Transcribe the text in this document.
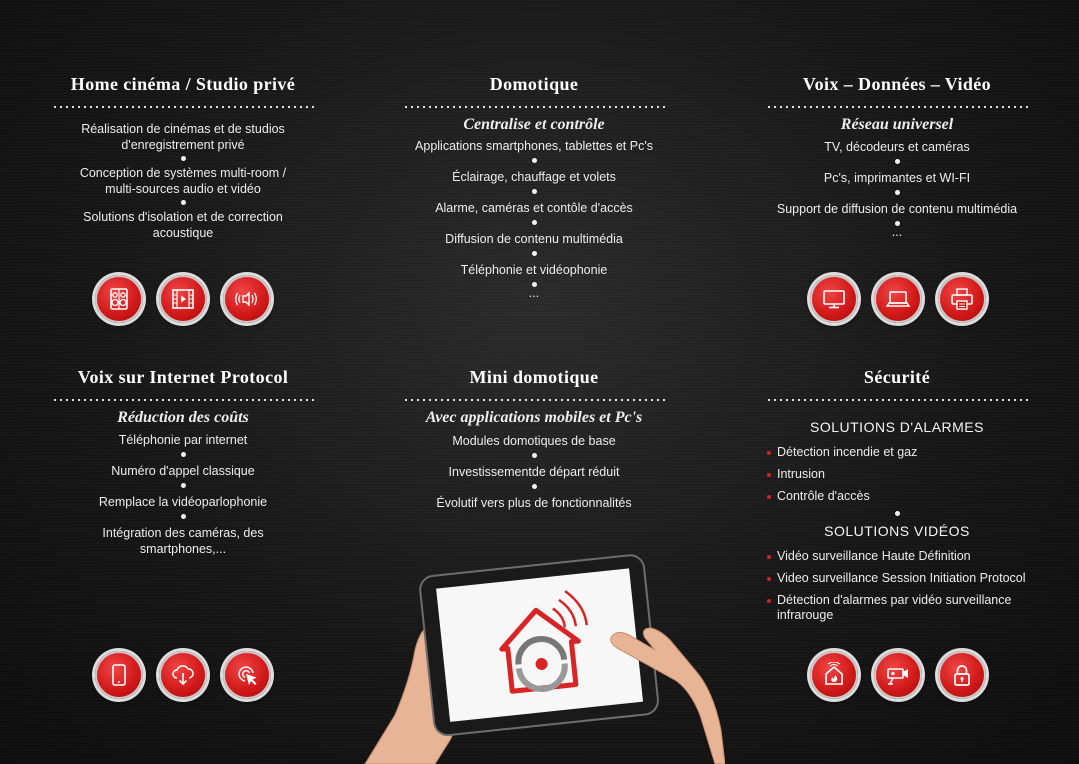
Home cinéma / Studio privé
Réalisation de cinémas et de studios d'enregistrement privé
Conception de systèmes multi-room / multi-sources audio et vidéo
Solutions d'isolation et de correction acoustique
Domotique
Centralise et contrôle
Applications smartphones, tablettes et Pc's
Éclairage, chauffage et volets
Alarme, caméras et contôle d'accès
Diffusion de contenu multimédia
Téléphonie et vidéophonie
...
Voix – Données – Vidéo
Réseau universel
TV, décodeurs et caméras
Pc's, imprimantes et WI-FI
Support de diffusion de contenu multimédia
...
Voix sur Internet Protocol
Réduction des coûts
Téléphonie par internet
Numéro d'appel classique
Remplace la vidéoparlophonie
Intégration des caméras, des smartphones,...
Mini domotique
Avec applications mobiles et Pc's
Modules domotiques de base
Investissementde départ réduit
Évolutif vers plus de fonctionnalités
Sécurité
SOLUTIONS D'ALARMES
Détection incendie et gaz
Intrusion
Contrôle d'accès
SOLUTIONS VIDÉOS
Vidéo surveillance Haute Définition
Video surveillance Session Initiation Protocol
Détection d'alarmes par vidéo surveillance infrarouge
